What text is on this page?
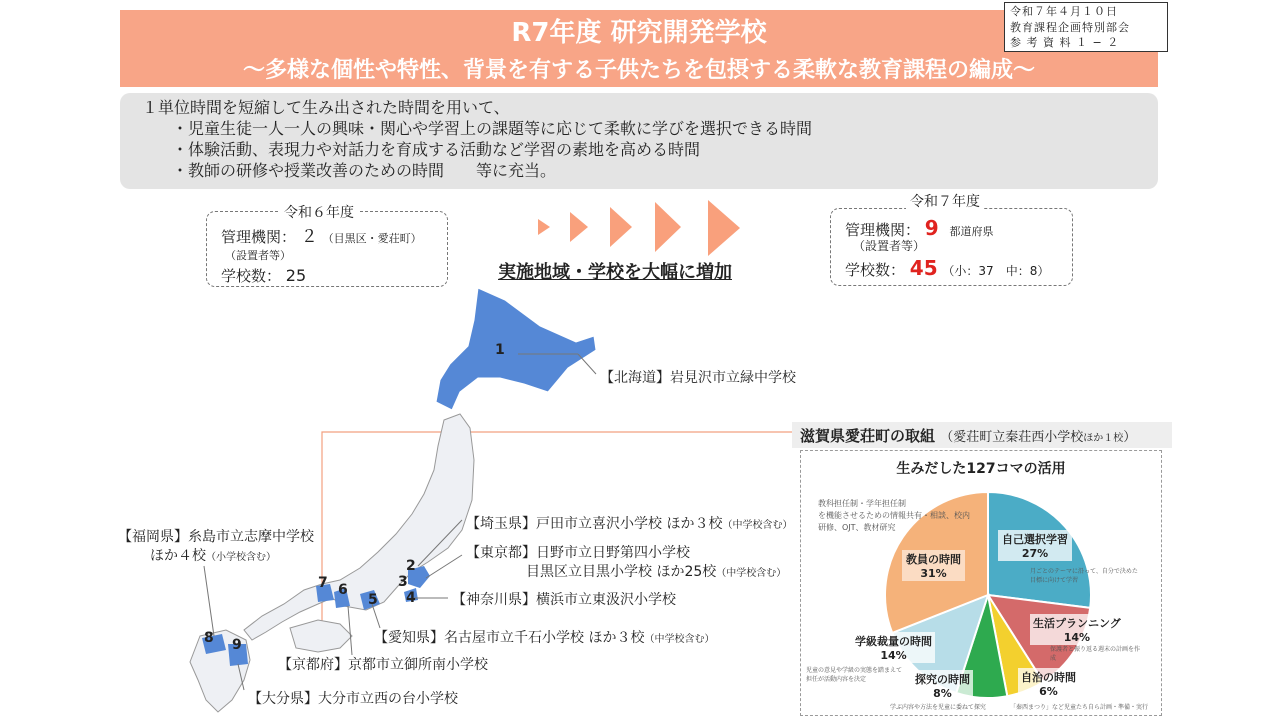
R7年度 研究開発学校
〜多様な個性や特性、背景を有する子供たちを包摂する柔軟な教育課程の編成〜
令和７年４月１０日
教育課程企画特別部会
参 考 資 料 １ − ２
１単位時間を短縮して生み出された時間を用いて、
・児童生徒一人一人の興味・関心や学習上の課題等に応じて柔軟に学びを選択できる時間
・体験活動、表現力や対話力を育成する活動など学習の素地を高める時間
・教師の研修や授業改善のための時間　　等に充当。
管理機関： ２ （目黒区・愛荘町）
（設置者等）
学校数： 25
令和６年度
管理機関： 9 都道府県
（設置者等）
学校数： 45 （小：37　中：8）
令和７年度
実施地域・学校を大幅に増加
1
2
3
4
5
6
7
8 9
【北海道】岩見沢市立緑中学校
【埼玉県】戸田市立喜沢小学校 ほか３校（中学校含む）
【東京都】日野市立日野第四小学校
目黒区立目黒小学校 ほか25校（中学校含む）
【神奈川県】横浜市立東汲沢小学校
【愛知県】名古屋市立千石小学校 ほか３校（中学校含む）
【京都府】京都市立御所南小学校
【大分県】大分市立西の台小学校
【福岡県】糸島市立志摩中学校
ほか４校（小学校含む）
滋賀県愛荘町の取組 （愛荘町立秦荘西小学校ほか１校）
生みだした127コマの活用
自己選択学習
27%
生活プランニング
14%
自治の時間
6%
探究の時間
8%
学級裁量の時間
14%
教員の時間
31%
教科担任制・学年担任制
を機能させるための情報共有・相談、校内
研修、OJT、教材研究
月ごとのテーマに沿って、自分で決めた目標に向けて学習
保護者と振り返る週末の計画を作成
児童の意見や学級の実態を踏まえて担任が活動内容を決定
学ぶ内容や方法を児童に委ねて探究	「秦西まつり」など児童たち自ら計画・準備・実行
